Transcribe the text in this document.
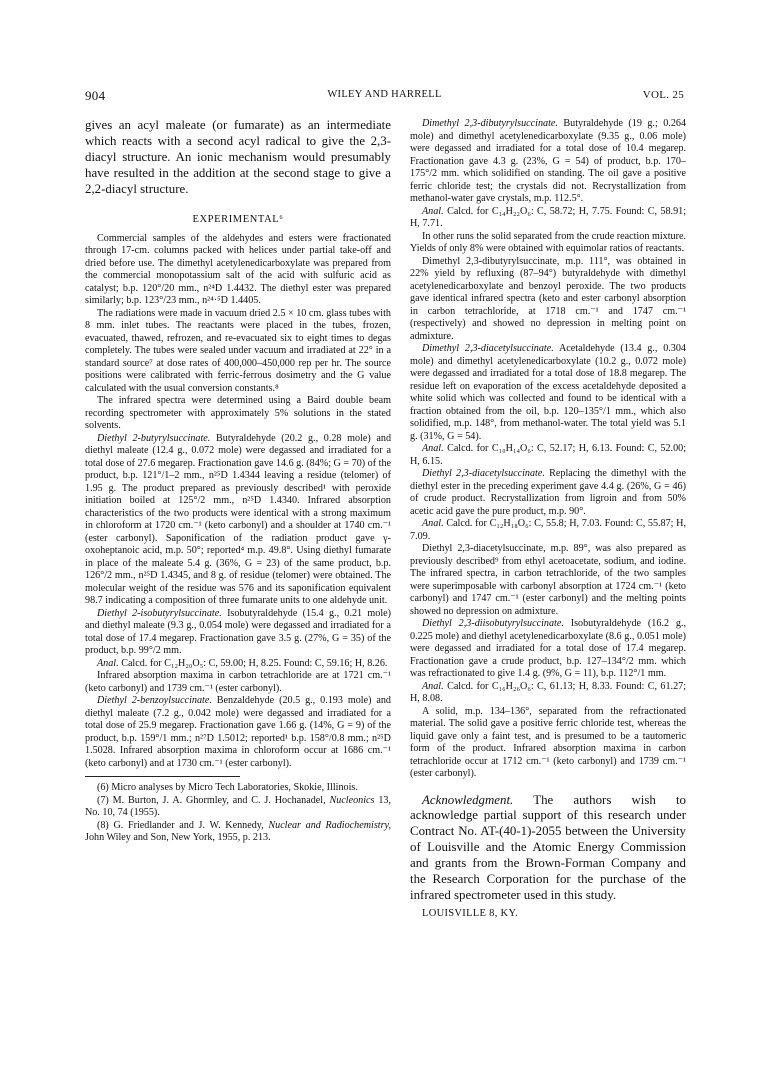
904	WILEY AND HARRELL	VOL. 25

gives an acyl maleate (or fumarate) as an intermediate which reacts with a second acyl radical to give the 2,3-diacyl structure. An ionic mechanism would presumably have resulted in the addition at the second stage to give a 2,2-diacyl structure.

EXPERIMENTAL⁶

Commercial samples of the aldehydes and esters were fractionated through 17-cm. columns packed with helices under partial take-off and dried before use. The dimethyl acetylenedicarboxylate was prepared from the commercial monopotassium salt of the acid with sulfuric acid as catalyst; b.p. 120°/20 mm., n²⁴D 1.4432. The diethyl ester was prepared similarly; b.p. 123°/23 mm., n²⁴·⁵D 1.4405.

The radiations were made in vacuum dried 2.5 × 10 cm. glass tubes with 8 mm. inlet tubes. The reactants were placed in the tubes, frozen, evacuated, thawed, refrozen, and re-evacuated six to eight times to degas completely. The tubes were sealed under vacuum and irradiated at 22° in a standard source⁷ at dose rates of 400,000–450,000 rep per hr. The source positions were calibrated with ferric-ferrous dosimetry and the G value calculated with the usual conversion constants.⁸

The infrared spectra were determined using a Baird double beam recording spectrometer with approximately 5% solutions in the stated solvents.

Diethyl 2-butyrylsuccinate. Butyraldehyde (20.2 g., 0.28 mole) and diethyl maleate (12.4 g., 0.072 mole) were degassed and irradiated for a total dose of 27.6 megarep. Fractionation gave 14.6 g. (84%; G = 70) of the product, b.p. 121°/1–2 mm., n²⁵D 1.4344 leaving a residue (telomer) of 1.95 g. The product prepared as previously described¹ with peroxide initiation boiled at 125°/2 mm., n²⁵D 1.4340. Infrared absorption characteristics of the two products were identical with a strong maximum in chloroform at 1720 cm.⁻¹ (keto carbonyl) and a shoulder at 1740 cm.⁻¹ (ester carbonyl). Saponification of the radiation product gave γ-oxoheptanoic acid, m.p. 50°; reported⁴ m.p. 49.8°. Using diethyl fumarate in place of the maleate 5.4 g. (36%, G = 23) of the same product, b.p. 126°/2 mm., n²⁵D 1.4345, and 8 g. of residue (telomer) were obtained. The molecular weight of the residue was 576 and its saponification equivalent 98.7 indicating a composition of three fumarate units to one aldehyde unit.

Diethyl 2-isobutyrylsuccinate. Isobutyraldehyde (15.4 g., 0.21 mole) and diethyl maleate (9.3 g., 0.054 mole) were degassed and irradiated for a total dose of 17.4 megarep. Fractionation gave 3.5 g. (27%, G = 35) of the product, b.p. 99°/2 mm.

Anal. Calcd. for C₁₂H₂₀O₅: C, 59.00; H, 8.25. Found: C, 59.16; H, 8.26.

Infrared absorption maxima in carbon tetrachloride are at 1721 cm.⁻¹ (keto carbonyl) and 1739 cm.⁻¹ (ester carbonyl).

Diethyl 2-benzoylsuccinate. Benzaldehyde (20.5 g., 0.193 mole) and diethyl maleate (7.2 g., 0.042 mole) were degassed and irradiated for a total dose of 25.9 megarep. Fractionation gave 1.66 g. (14%, G = 9) of the product, b.p. 159°/1 mm.; n²⁷D 1.5012; reported¹ b.p. 158°/0.8 mm.; n²⁵D 1.5028. Infrared absorption maxima in chloroform occur at 1686 cm.⁻¹ (keto carbonyl) and at 1730 cm.⁻¹ (ester carbonyl).

(6) Micro analyses by Micro Tech Laboratories, Skokie, Illinois.

(7) M. Burton, J. A. Ghormley, and C. J. Hochanadel, Nucleonics 13, No. 10, 74 (1955).

(8) G. Friedlander and J. W. Kennedy, Nuclear and Radiochemistry, John Wiley and Son, New York, 1955, p. 213.

Dimethyl 2,3-dibutyrylsuccinate. Butyraldehyde (19 g.; 0.264 mole) and dimethyl acetylenedicarboxylate (9.35 g., 0.06 mole) were degassed and irradiated for a total dose of 10.4 megarep. Fractionation gave 4.3 g. (23%, G = 54) of product, b.p. 170–175°/2 mm. which solidified on standing. The oil gave a positive ferric chloride test; the crystals did not. Recrystallization from methanol-water gave crystals, m.p. 112.5°.

Anal. Calcd. for C₁₄H₂₂O₆: C, 58.72; H, 7.75. Found: C, 58.91; H, 7.71.

In other runs the solid separated from the crude reaction mixture. Yields of only 8% were obtained with equimolar ratios of reactants.

Dimethyl 2,3-dibutyrylsuccinate, m.p. 111°, was obtained in 22% yield by refluxing (87–94°) butyraldehyde with dimethyl acetylenedicarboxylate and benzoyl peroxide. The two products gave identical infrared spectra (keto and ester carbonyl absorption in carbon tetrachloride, at 1718 cm.⁻¹ and 1747 cm.⁻¹ (respectively) and showed no depression in melting point on admixture.

Dimethyl 2,3-diacetylsuccinate. Acetaldehyde (13.4 g., 0.304 mole) and dimethyl acetylenedicarboxylate (10.2 g., 0.072 mole) were degassed and irradiated for a total dose of 18.8 megarep. The residue left on evaporation of the excess acetaldehyde deposited a white solid which was collected and found to be identical with a fraction obtained from the oil, b.p. 120–135°/1 mm., which also solidified, m.p. 148°, from methanol-water. The total yield was 5.1 g. (31%, G = 54).

Anal. Calcd. for C₁₀H₁₄O₆: C, 52.17; H, 6.13. Found: C, 52.00; H, 6.15.

Diethyl 2,3-diacetylsuccinate. Replacing the dimethyl with the diethyl ester in the preceding experiment gave 4.4 g. (26%, G = 46) of crude product. Recrystallization from ligroin and from 50% acetic acid gave the pure product, m.p. 90°.

Anal. Calcd. for C₁₂H₁₈O₆: C, 55.8; H, 7.03. Found: C, 55.87; H, 7.09.

Diethyl 2,3-diacetylsuccinate, m.p. 89°, was also prepared as previously described⁹ from ethyl acetoacetate, sodium, and iodine. The infrared spectra, in carbon tetrachloride, of the two samples were superimposable with carbonyl absorption at 1724 cm.⁻¹ (keto carbonyl) and 1747 cm.⁻¹ (ester carbonyl) and the melting points showed no depression on admixture.

Diethyl 2,3-diisobutyrylsuccinate. Isobutyraldehyde (16.2 g., 0.225 mole) and diethyl acetylenedicarboxylate (8.6 g., 0.051 mole) were degassed and irradiated for a total dose of 17.4 megarep. Fractionation gave a crude product, b.p. 127–134°/2 mm. which was refractionated to give 1.4 g. (9%, G = 11), b.p. 112°/1 mm.

Anal. Calcd. for C₁₆H₂₆O₆: C, 61.13; H, 8.33. Found: C, 61.27; H, 8.08.

A solid, m.p. 134–136°, separated from the refractionated material. The solid gave a positive ferric chloride test, whereas the liquid gave only a faint test, and is presumed to be a tautomeric form of the product. Infrared absorption maxima in carbon tetrachloride occur at 1712 cm.⁻¹ (keto carbonyl) and 1739 cm.⁻¹ (ester carbonyl).

Acknowledgment. The authors wish to acknowledge partial support of this research under Contract No. AT-(40-1)-2055 between the University of Louisville and the Atomic Energy Commission and grants from the Brown-Forman Company and the Research Corporation for the purchase of the infrared spectrometer used in this study.

LOUISVILLE 8, KY.
